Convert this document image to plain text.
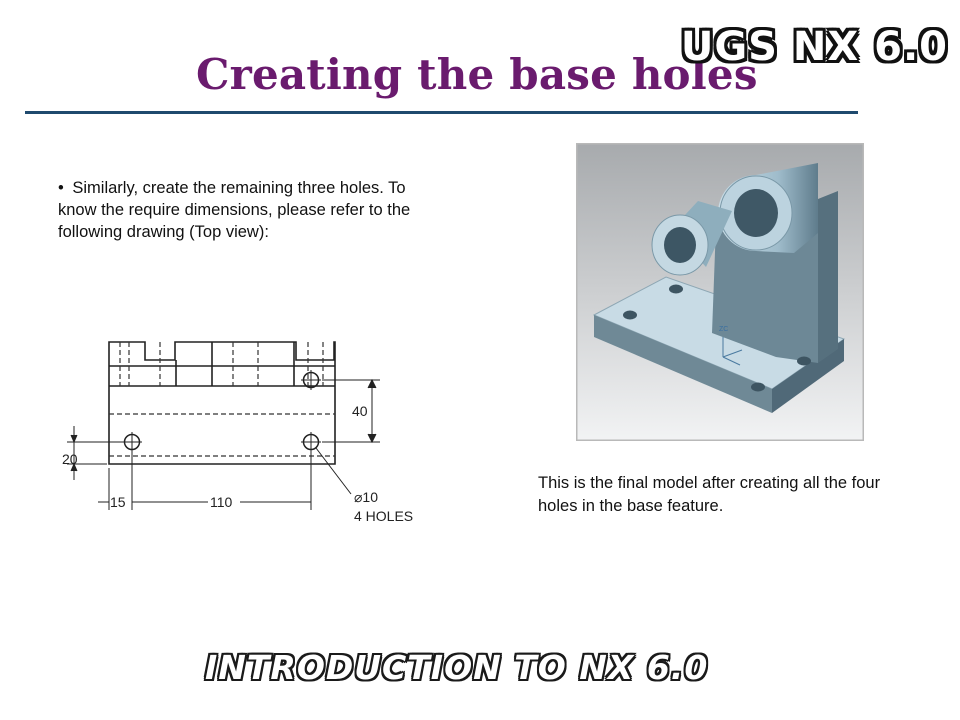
Creating the base holes
UGS NX 6.0
• Similarly, create the remaining three holes. To know the require dimensions, please refer to the following drawing (Top view):
40
20
15	110	⌀10
4 HOLES
ZC
This is the final model after creating all the four holes in the base feature.
INTRODUCTION TO NX 6.0
